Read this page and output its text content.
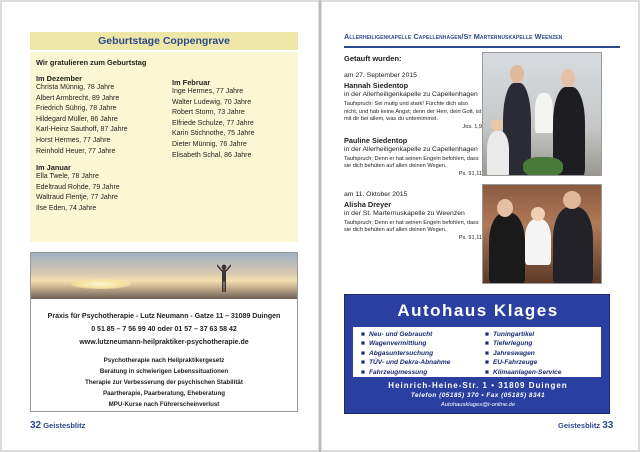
Geburtstage Coppengrave
Wir gratulieren zum Geburtstag
Im Dezember
Christa Münnig, 78 Jahre
Albert Armbrecht, 89 Jahre
Friedrich Sührig, 78 Jahre
Hildegard Müller, 86 Jahre
Karl-Heinz Sauthoff, 87 Jahre
Horst Hermes, 77 Jahre
Reinhold Heuer, 77 Jahre
Im Januar
Ella Twele, 78 Jahre
Edeltraud Rohde, 79 Jahre
Waltraud Flentje, 77 Jahre
Ilse Eden, 74 Jahre
Im Februar
Inge Hermes, 77 Jahre
Walter Ludewig, 70 Jahre
Robert Storm, 73 Jahre
Elfriede Schulze, 77 Jahre
Karin Stichnothe, 75 Jahre
Dieter Münnig, 76 Jahre
Elisabeth Schal, 86 Jahre
Praxis für Psychotherapie - Lutz Neumann - Gatze 11 – 31089 Duingen
0 51 85 – 7 56 99 40 oder 01 57 – 37 63 58 42
www.lutzneumann-heilpraktiker-psychotherapie.de
Psychotherapie nach Heilpraktikergesetz
Beratung in schwierigen Lebenssituationen
Therapie zur Verbesserung der psychischen Stabilität
Paartherapie, Paarberatung, Eheberatung
MPU-Kurse nach Führerscheinverlust
32 Geistesblitz
Allerheiligenkapelle Capellenhagen/St Marternuskapelle Weenzen
Getauft wurden:
am 27. September 2015
Hannah Siedentop
in der Allerheiligenkapelle zu Capellenhagen
Taufspruch: Sei mutig und stark! Fürchte dich also nicht, und hab keine Angst; denn der Herr, dein Gott, ist mit dir bei allem, was du unternimmst.
Jos. 1,9
Pauline Siedentop
in der Allerheiligenkapelle zu Capellenhagen
Taufspruch: Denn er hat seinen Engeln befohlen, dass sie dich behüten auf allen deinen Wegen.
Ps. 91,11
am 11. Oktober 2015
Alisha Dreyer
in der St. Marternuskapelle zu Weenzen
Taufspruch: Denn er hat seinen Engeln befohlen, dass sie dich behüten auf allen deinen Wegen.
Ps. 91,11
Autohaus Klages
■ Neu- und Gebraucht
■ Wagenvermittlung
■ Abgasuntersuchung
■ TÜV- und Dekra-Abnahme
■ Fahrzeugmessung
■ Tuningartikel
■ Tieferlegung
■ Jahreswagen
■ EU-Fahrzeuge
■ Klimaanlagen-Service
Heinrich-Heine-Str. 1 • 31809 Duingen
Telefon (05185) 370 • Fax (05185) 8341
Autohausklages@t-online.de
Geistesblitz 33
